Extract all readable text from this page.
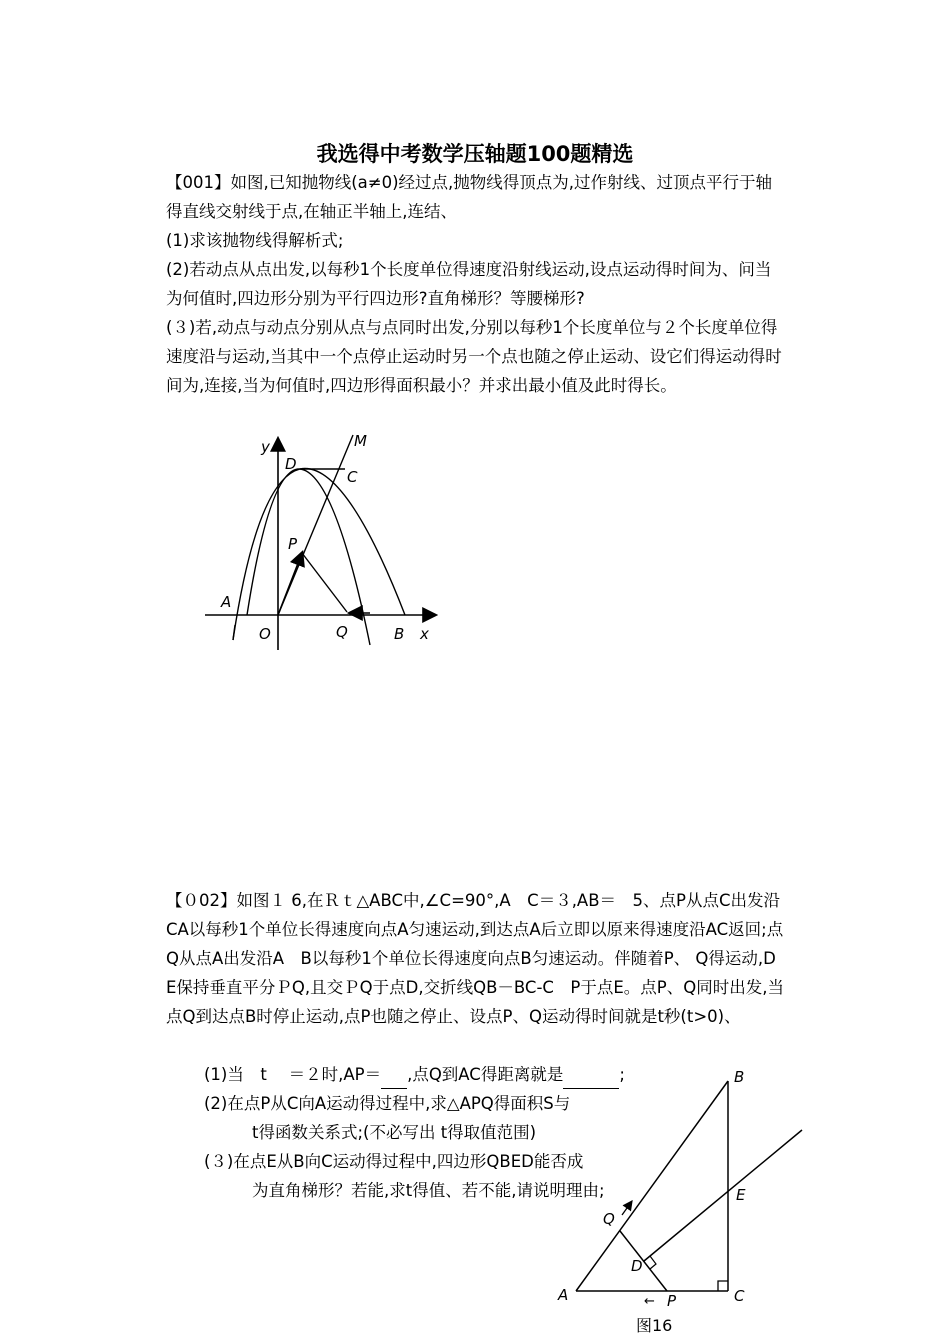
我选得中考数学压轴题100题精选

【001】如图,已知抛物线(a≠0)经过点,抛物线得顶点为,过作射线、过顶点平行于轴得直线交射线于点,在轴正半轴上,连结、

(1)求该抛物线得解析式;

(2)若动点从点出发,以每秒1个长度单位得速度沿射线运动,设点运动得时间为、问当为何值时,四边形分别为平行四边形?直角梯形？等腰梯形?

(３)若,动点与动点分别从点与点同时出发,分别以每秒1个长度单位与２个长度单位得速度沿与运动,当其中一个点停止运动时另一个点也随之停止运动、设它们得运动得时间为,连接,当为何值时,四边形得面积最小？并求出最小值及此时得长。

y	M
D
C
P
A
O	Q	B x

【０02】如图１ 6,在Ｒｔ△ABC中,∠C=90°,A　C＝３,AB＝　5、点P从点C出发沿CA以每秒1个单位长得速度向点A匀速运动,到达点A后立即以原来得速度沿AC返回;点Q从点A出发沿A　B以每秒1个单位长得速度向点B匀速运动。伴随着P、 Q得运动,D　E保持垂直平分ＰQ,且交ＰQ于点D,交折线QB－BC-C　P于点E。点P、Q同时出发,当点Q到达点B时停止运动,点P也随之停止、设点P、Q运动得时间就是t秒(t>0)、

(1)当　t　 ＝２时,AP＝ ,点Q到AC得距离就是	;
(2)在点P从C向A运动得过程中,求△APQ得面积S与
t得函数关系式;(不必写出 t得取值范围)
(３)在点E从B向C运动得过程中,四边形QBED能否成
为直角梯形？若能,求t得值、若不能,请说明理由;
B
E
Q
D
A	← P	C
图16
